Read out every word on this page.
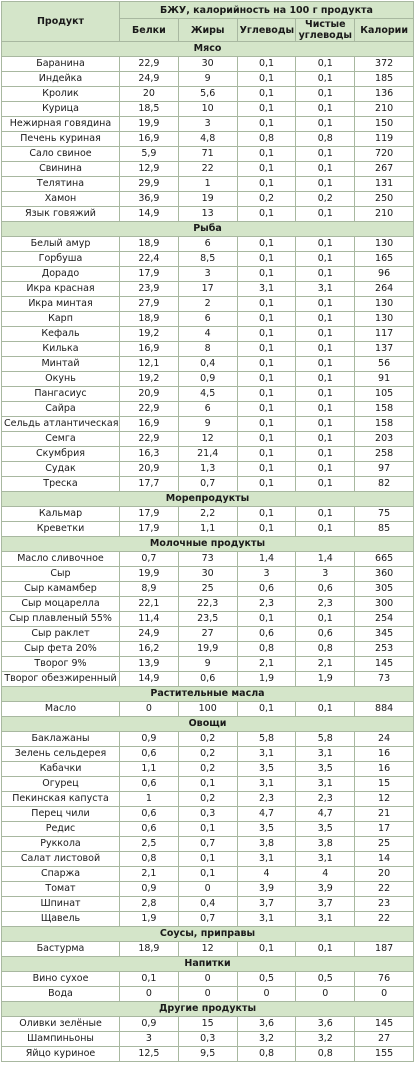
Продукт	БЖУ, калорийность на 100 г продукта				
	Белки	Жиры	Углеводы	Чистые углеводы	Калории
Мясо					
Баранина	22,9	30	0,1	0,1	372
Индейка	24,9	9	0,1	0,1	185
Кролик	20	5,6	0,1	0,1	136
Курица	18,5	10	0,1	0,1	210
Нежирная говядина	19,9	3	0,1	0,1	150
Печень куриная	16,9	4,8	0,8	0,8	119
Сало свиное	5,9	71	0,1	0,1	720
Свинина	12,9	22	0,1	0,1	267
Телятина	29,9	1	0,1	0,1	131
Хамон	36,9	19	0,2	0,2	250
Язык говяжий	14,9	13	0,1	0,1	210
Рыба					
Белый амур	18,9	6	0,1	0,1	130
Горбуша	22,4	8,5	0,1	0,1	165
Дорадо	17,9	3	0,1	0,1	96
Икра красная	23,9	17	3,1	3,1	264
Икра минтая	27,9	2	0,1	0,1	130
Карп	18,9	6	0,1	0,1	130
Кефаль	19,2	4	0,1	0,1	117
Килька	16,9	8	0,1	0,1	137
Минтай	12,1	0,4	0,1	0,1	56
Окунь	19,2	0,9	0,1	0,1	91
Пангасиус	20,9	4,5	0,1	0,1	105
Сайра	22,9	6	0,1	0,1	158
Сельдь атлантическая	16,9	9	0,1	0,1	158
Семга	22,9	12	0,1	0,1	203
Скумбрия	16,3	21,4	0,1	0,1	258
Судак	20,9	1,3	0,1	0,1	97
Треска	17,7	0,7	0,1	0,1	82
Морепродукты					
Кальмар	17,9	2,2	0,1	0,1	75
Креветки	17,9	1,1	0,1	0,1	85
Молочные продукты					
Масло сливочное	0,7	73	1,4	1,4	665
Сыр	19,9	30	3	3	360
Сыр камамбер	8,9	25	0,6	0,6	305
Сыр моцарелла	22,1	22,3	2,3	2,3	300
Сыр плавленый 55%	11,4	23,5	0,1	0,1	254
Сыр раклет	24,9	27	0,6	0,6	345
Сыр фета 20%	16,2	19,9	0,8	0,8	253
Творог 9%	13,9	9	2,1	2,1	145
Творог обезжиренный	14,9	0,6	1,9	1,9	73
Растительные масла					
Масло	0	100	0,1	0,1	884
Овощи					
Баклажаны	0,9	0,2	5,8	5,8	24
Зелень сельдерея	0,6	0,2	3,1	3,1	16
Кабачки	1,1	0,2	3,5	3,5	16
Огурец	0,6	0,1	3,1	3,1	15
Пекинская капуста	1	0,2	2,3	2,3	12
Перец чили	0,6	0,3	4,7	4,7	21
Редис	0,6	0,1	3,5	3,5	17
Руккола	2,5	0,7	3,8	3,8	25
Салат листовой	0,8	0,1	3,1	3,1	14
Спаржа	2,1	0,1	4	4	20
Томат	0,9	0	3,9	3,9	22
Шпинат	2,8	0,4	3,7	3,7	23
Щавель	1,9	0,7	3,1	3,1	22
Соусы, приправы					
Бастурма	18,9	12	0,1	0,1	187
Напитки					
Вино сухое	0,1	0	0,5	0,5	76
Вода	0	0	0	0	0
Другие продукты					
Оливки зелёные	0,9	15	3,6	3,6	145
Шампиньоны	3	0,3	3,2	3,2	27
Яйцо куриное	12,5	9,5	0,8	0,8	155
